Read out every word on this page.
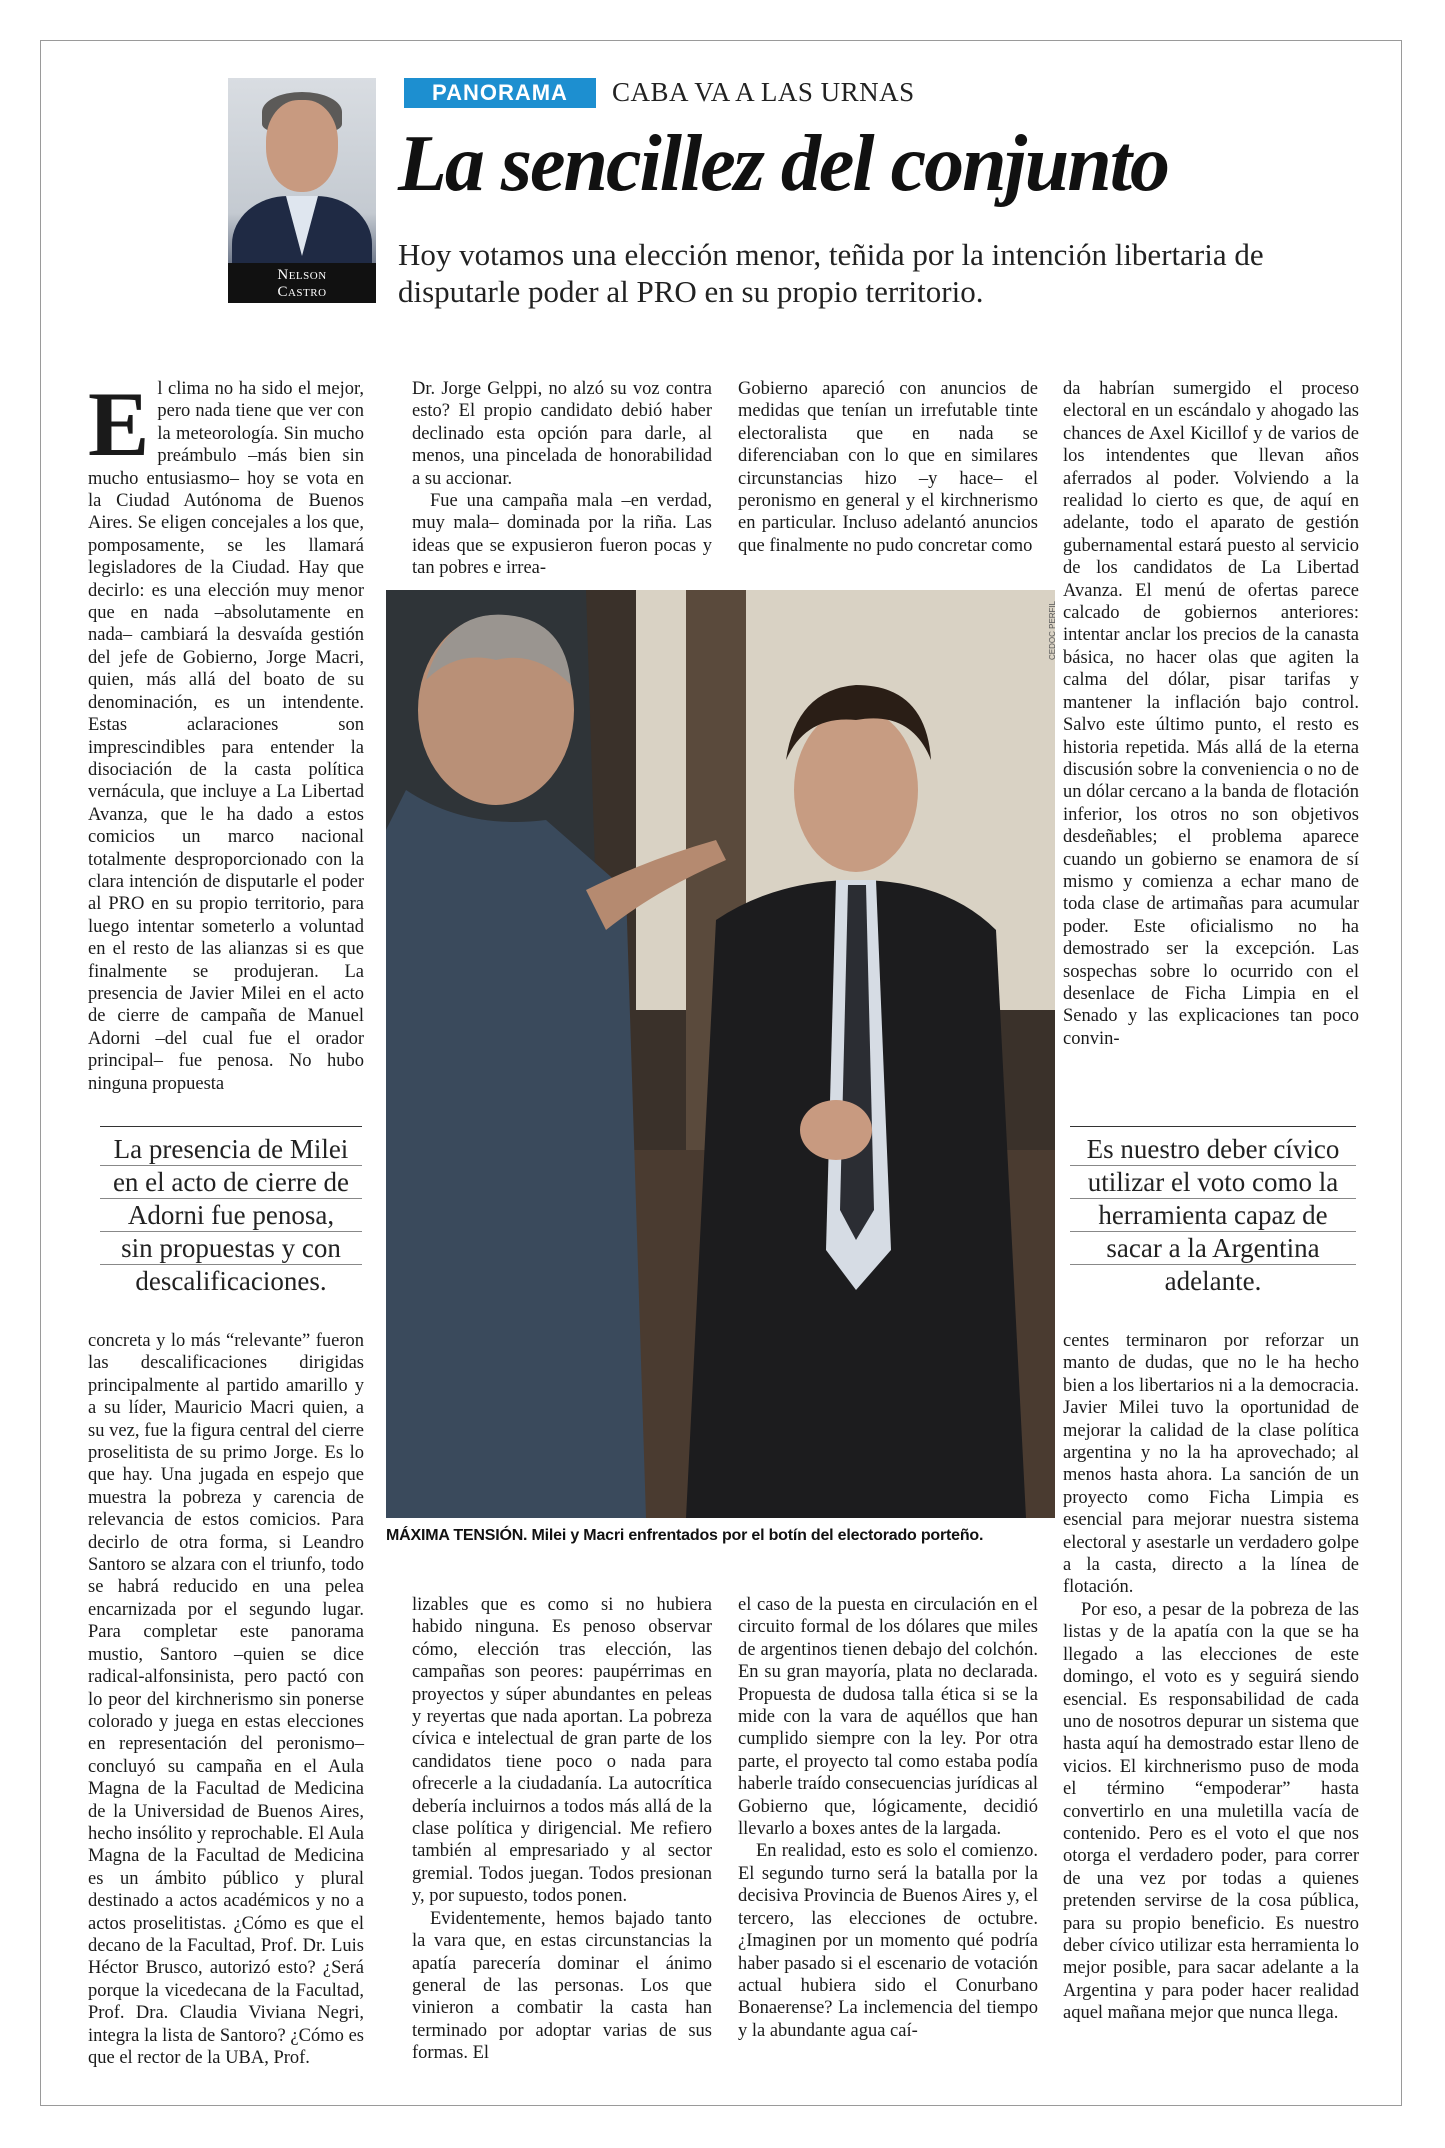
Nelson
Castro
PANORAMA	CABA VA A LAS URNAS
La sencillez del conjunto
Hoy votamos una elección menor, teñida por la intención libertaria de disputarle poder al PRO en su propio territorio.

El clima no ha sido el mejor, pero nada tiene que ver con la meteorología. Sin mucho preámbulo –más bien sin mucho entusiasmo– hoy se vota en la Ciudad Autónoma de Buenos Aires. Se eligen concejales a los que, pomposamente, se les llamará legisladores de la Ciudad. Hay que decirlo: es una elección muy menor que en nada –absolutamente en nada– cambiará la desvaída gestión del jefe de Gobierno, Jorge Macri, quien, más allá del boato de su denominación, es un intendente. Estas aclaraciones son imprescindibles para entender la disociación de la casta política vernácula, que incluye a La Libertad Avanza, que le ha dado a estos comicios un marco nacional totalmente desproporcionado con la clara intención de disputarle el poder al PRO en su propio territorio, para luego intentar someterlo a voluntad en el resto de las alianzas si es que finalmente se produjeran. La presencia de Javier Milei en el acto de cierre de campaña de Manuel Adorni –del cual fue el orador principal– fue penosa. No hubo ninguna propuesta

Dr. Jorge Gelppi, no alzó su voz contra esto? El propio candidato debió haber declinado esta opción para darle, al menos, una pincelada de honorabilidad a su accionar.

Fue una campaña mala –en verdad, muy mala– dominada por la riña. Las ideas que se expusieron fueron pocas y tan pobres e irrea-

Gobierno apareció con anuncios de medidas que tenían un irrefutable tinte electoralista que en nada se diferenciaban con lo que en similares circunstancias hizo –y hace– el peronismo en general y el kirchnerismo en particular. Incluso adelantó anuncios que finalmente no pudo concretar como

da habrían sumergido el proceso electoral en un escándalo y ahogado las chances de Axel Kicillof y de varios de los intendentes que llevan años aferrados al poder. Volviendo a la realidad lo cierto es que, de aquí en adelante, todo el aparato de gestión gubernamental estará puesto al servicio de los candidatos de La Libertad Avanza. El menú de ofertas parece calcado de gobiernos anteriores: intentar anclar los precios de la canasta básica, no hacer olas que agiten la calma del dólar, pisar tarifas y mantener la inflación bajo control. Salvo este último punto, el resto es historia repetida. Más allá de la eterna discusión sobre la conveniencia o no de un dólar cercano a la banda de flotación inferior, los otros no son objetivos desdeñables; el problema aparece cuando un gobierno se enamora de sí mismo y comienza a echar mano de toda clase de artimañas para acumular poder. Este oficialismo no ha demostrado ser la excepción. Las sospechas sobre lo ocurrido con el desenlace de Ficha Limpia en el Senado y las explicaciones tan poco convin-

CEDOC PERFIL
La presencia de Milei
en el acto de cierre de
Adorni fue penosa,
sin propuestas y con
descalificaciones.
Es nuestro deber cívico
utilizar el voto como la
herramienta capaz de
sacar a la Argentina
adelante.
MÁXIMA TENSIÓN. Milei y Macri enfrentados por el botín del electorado porteño.

concreta y lo más “relevante” fueron las descalificaciones dirigidas principalmente al partido amarillo y a su líder, Mauricio Macri quien, a su vez, fue la figura central del cierre proselitista de su primo Jorge. Es lo que hay. Una jugada en espejo que muestra la pobreza y carencia de relevancia de estos comicios. Para decirlo de otra forma, si Leandro Santoro se alzara con el triunfo, todo se habrá reducido en una pelea encarnizada por el segundo lugar. Para completar este panorama mustio, Santoro –quien se dice radical-alfonsinista, pero pactó con lo peor del kirchnerismo sin ponerse colorado y juega en estas elecciones en representación del peronismo– concluyó su campaña en el Aula Magna de la Facultad de Medicina de la Universidad de Buenos Aires, hecho insólito y reprochable. El Aula Magna de la Facultad de Medicina es un ámbito público y plural destinado a actos académicos y no a actos proselitistas. ¿Cómo es que el decano de la Facultad, Prof. Dr. Luis Héctor Brusco, autorizó esto? ¿Será porque la vicedecana de la Facultad, Prof. Dra. Claudia Viviana Negri, integra la lista de Santoro? ¿Cómo es que el rector de la UBA, Prof.

lizables que es como si no hubiera habido ninguna. Es penoso observar cómo, elección tras elección, las campañas son peores: paupérrimas en proyectos y súper abundantes en peleas y reyertas que nada aportan. La pobreza cívica e intelectual de gran parte de los candidatos tiene poco o nada para ofrecerle a la ciudadanía. La autocrítica debería incluirnos a todos más allá de la clase política y dirigencial. Me refiero también al empresariado y al sector gremial. Todos juegan. Todos presionan y, por supuesto, todos ponen.

Evidentemente, hemos bajado tanto la vara que, en estas circunstancias la apatía parecería dominar el ánimo general de las personas. Los que vinieron a combatir la casta han terminado por adoptar varias de sus formas. El

el caso de la puesta en circulación en el circuito formal de los dólares que miles de argentinos tienen debajo del colchón. En su gran mayoría, plata no declarada. Propuesta de dudosa talla ética si se la mide con la vara de aquéllos que han cumplido siempre con la ley. Por otra parte, el proyecto tal como estaba podía haberle traído consecuencias jurídicas al Gobierno que, lógicamente, decidió llevarlo a boxes antes de la largada.

En realidad, esto es solo el comienzo. El segundo turno será la batalla por la decisiva Provincia de Buenos Aires y, el tercero, las elecciones de octubre. ¿Imaginen por un momento qué podría haber pasado si el escenario de votación actual hubiera sido el Conurbano Bonaerense? La inclemencia del tiempo y la abundante agua caí-

centes terminaron por reforzar un manto de dudas, que no le ha hecho bien a los libertarios ni a la democracia. Javier Milei tuvo la oportunidad de mejorar la calidad de la clase política argentina y no la ha aprovechado; al menos hasta ahora. La sanción de un proyecto como Ficha Limpia es esencial para mejorar nuestra sistema electoral y asestarle un verdadero golpe a la casta, directo a la línea de flotación.

Por eso, a pesar de la pobreza de las listas y de la apatía con la que se ha llegado a las elecciones de este domingo, el voto es y seguirá siendo esencial. Es responsabilidad de cada uno de nosotros depurar un sistema que hasta aquí ha demostrado estar lleno de vicios. El kirchnerismo puso de moda el término “empoderar” hasta convertirlo en una muletilla vacía de contenido. Pero es el voto el que nos otorga el verdadero poder, para correr de una vez por todas a quienes pretenden servirse de la cosa pública, para su propio beneficio. Es nuestro deber cívico utilizar esta herramienta lo mejor posible, para sacar adelante a la Argentina y para poder hacer realidad aquel mañana mejor que nunca llega.
